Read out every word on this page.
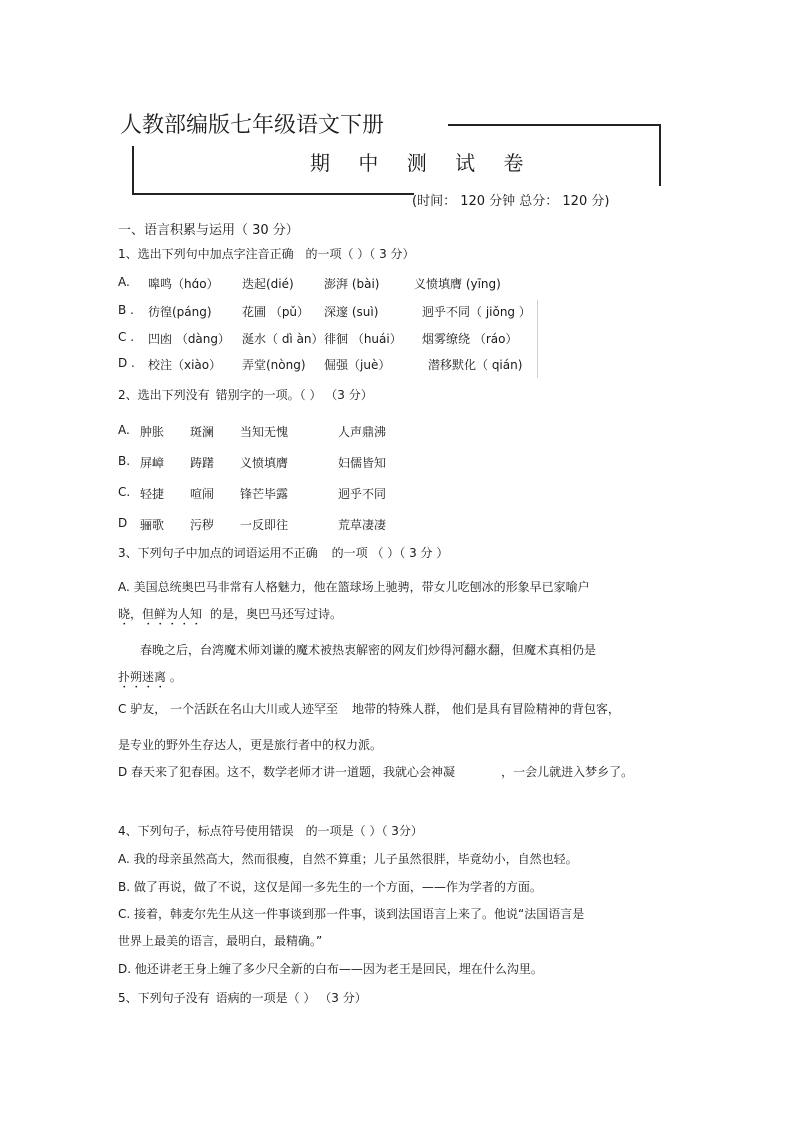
人教部编版七年级语文下册
期 中 测 试 卷
(时间： 120 分钟 总分： 120 分)
一、语言积累与运用（ 30 分）
1、选出下列句中加点字注音正确 的一项（ ）（ 3 分）
A. 嗥鸣（hɑ́o） 迭起(dié)	澎湃 (bài)	义愤填膺 (yīng)
B . 彷徨(páng)	花圃 （pǔ） 深邃 (suì)	迥乎不同（ jiǒng ）
C . 凹凼 （dàng） 涎水（ dì àn） 徘徊 （huái） 烟雾缭绕 （ráo）
D . 校注（xiào） 弄堂(nòng) 倔强（juè）	潜移默化（ qián)
2、选出下列没有 错别字的一项。（ ） （3 分）
A. 肿胀 斑澜 当知无愧	人声鼎沸
B. 屏嶂 踌躇 义愤填膺	妇儒皆知
C. 轻捷 喧闹 锋芒毕露	迥乎不同
D 骊歌 污秽 一反即往	荒草凄凄
3、下列句子中加点的词语运用不正确 的一项 （ ）（ 3 分 ）
A. 美国总统奥巴马非常有人格魅力，他在篮球场上驰骋，带女儿吃刨冰的形象早已家喻户
晓，但鲜为人知 的是，奥巴马还写过诗。
春晚之后，台湾魔术师刘谦的魔术被热衷解密的网友们炒得河翻水翻，但魔术真相仍是
扑朔迷离 。
C 驴友， 一个活跃在名山大川或人迹罕至 地带的特殊人群， 他们是具有冒险精神的背包客，
是专业的野外生存达人，更是旅行者中的权力派。
D 春天来了犯春困。这不，数学老师才讲一道题，我就心会神凝	，一会儿就进入梦乡了。
4、下列句子，标点符号使用错误 的一项是（ ）（ 3分）
A. 我的母亲虽然高大，然而很瘦，自然不算重；儿子虽然很胖，毕竟幼小，自然也轻。
B. 做了再说，做了不说，这仅是闻一多先生的一个方面，——作为学者的方面。
C. 接着，韩麦尔先生从这一件事谈到那一件事，谈到法国语言上来了。他说“法国语言是
世界上最美的语言，最明白，最精确。”
D. 他还讲老王身上缠了多少尺全新的白布——因为老王是回民，埋在什么沟里。
5、下列句子没有 语病的一项是（ ） （3 分）
